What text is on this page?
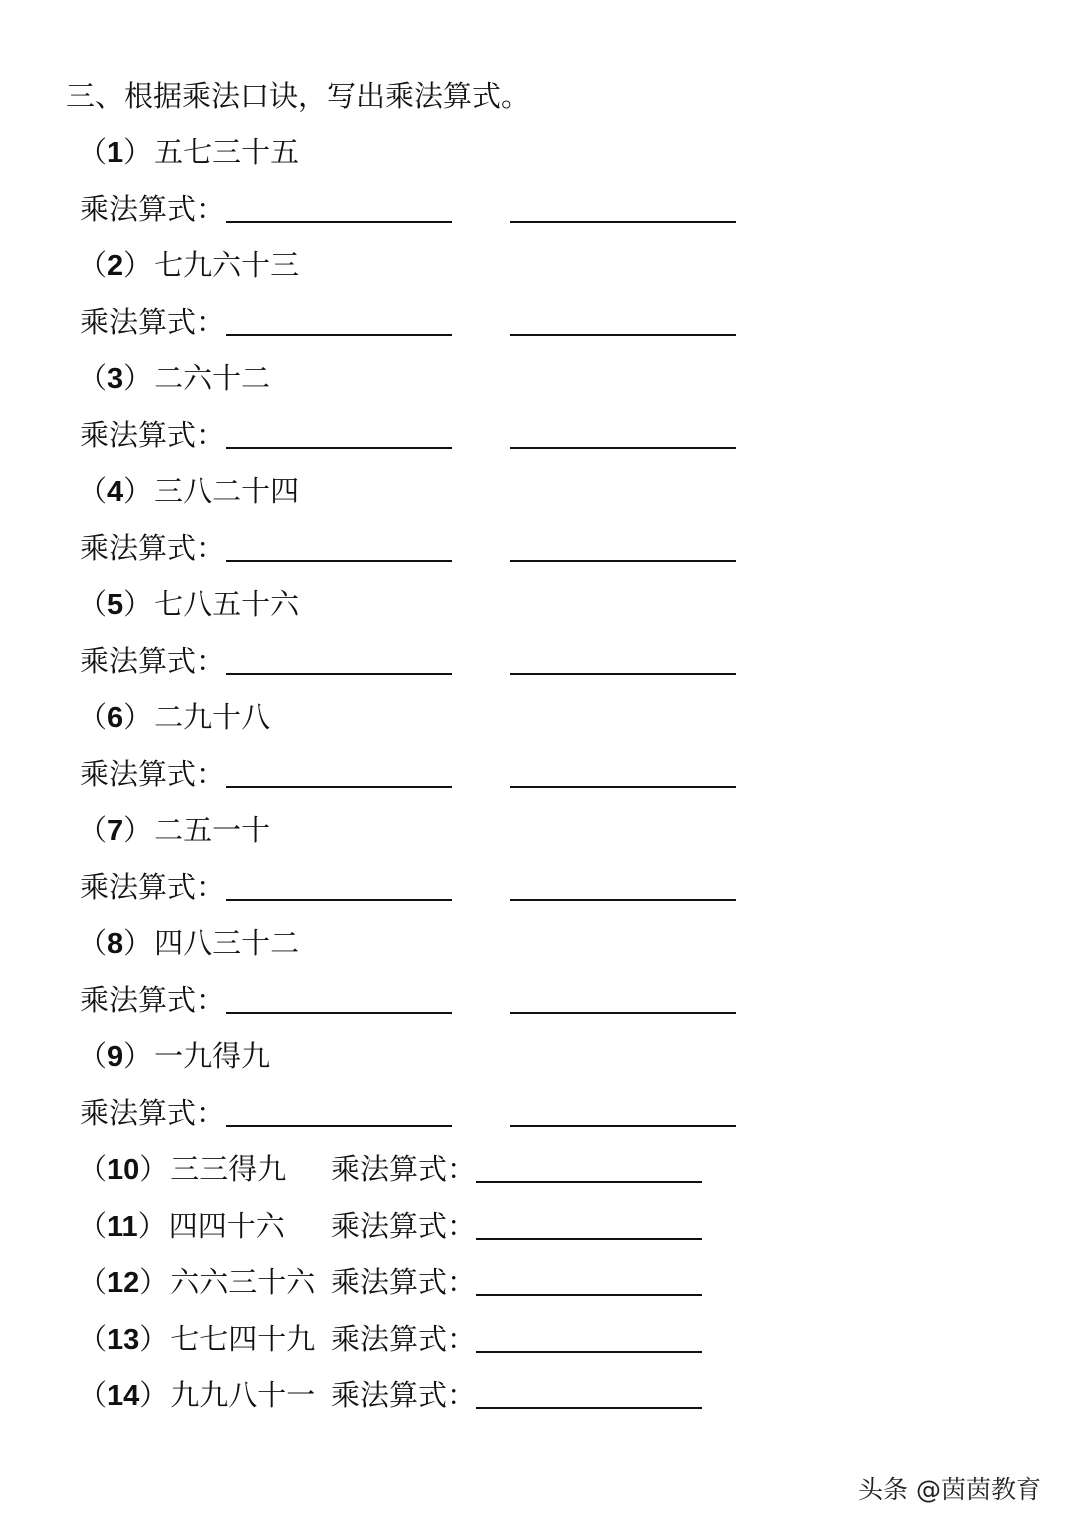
三、根据乘法口诀，写出乘法算式。
（1）五七三十五
乘法算式：
（2）七九六十三
乘法算式：
（3）二六十二
乘法算式：
（4）三八二十四
乘法算式：
（5）七八五十六
乘法算式：
（6）二九十八
乘法算式：
（7）二五一十
乘法算式：
（8）四八三十二
乘法算式：
（9）一九得九
乘法算式：
（10）三三得九 乘法算式：
（11）四四十六 乘法算式：
（12）六六三十六 乘法算式：
（13）七七四十九 乘法算式：
（14）九九八十一 乘法算式：
头条 @茵茵教育
